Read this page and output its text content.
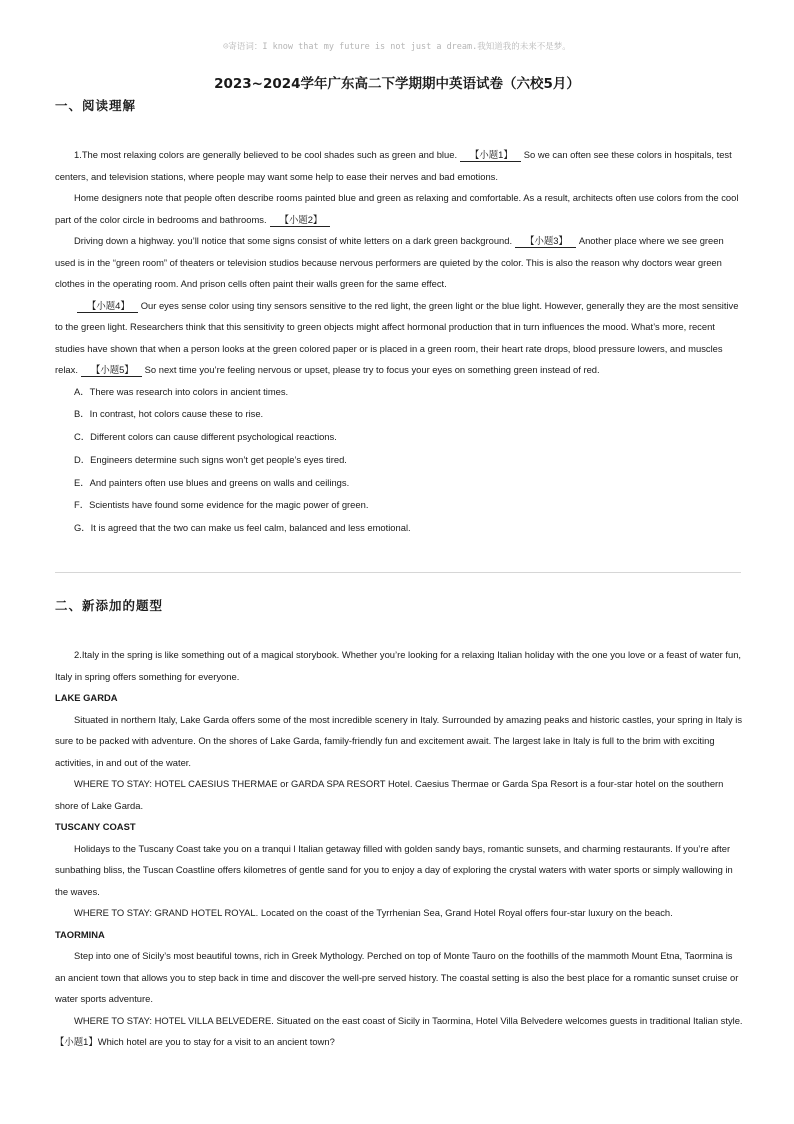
☺寄语词：I know that my future is not just a dream.我知道我的未来不是梦。
2023~2024学年广东高二下学期期中英语试卷（六校5月）
一、阅读理解

1.The most relaxing colors are generally believed to be cool shades such as green and blue. 【小题1】 So we can often see these colors in hospitals, test centers, and television stations, where people may want some help to ease their nerves and bad emotions.

Home designers note that people often describe rooms painted blue and green as relaxing and comfortable. As a result, architects often use colors from the cool part of the color circle in bedrooms and bathrooms. 【小题2】

Driving down a highway. you’ll notice that some signs consist of white letters on a dark green background. 【小题3】 Another place where we see green used is in the “green room” of theaters or television studios because nervous performers are quieted by the color. This is also the reason why doctors wear green clothes in the operating room. And prison cells often paint their walls green for the same effect.

【小题4】 Our eyes sense color using tiny sensors sensitive to the red light, the green light or the blue light. However, generally they are the most sensitive to the green light. Researchers think that this sensitivity to green objects might affect hormonal production that in turn influences the mood. What’s more, recent studies have shown that when a person looks at the green colored paper or is placed in a green room, their heart rate drops, blood pressure lowers, and muscles relax. 【小题5】 So next time you’re feeling nervous or upset, please try to focus your eyes on something green instead of red.

A．There was research into colors in ancient times.

B．In contrast, hot colors cause these to rise.

C．Different colors can cause different psychological reactions.

D．Engineers determine such signs won’t get people’s eyes tired.

E．And painters often use blues and greens on walls and ceilings.

F．Scientists have found some evidence for the magic power of green.

G．It is agreed that the two can make us feel calm, balanced and less emotional.

二、新添加的题型

2.Italy in the spring is like something out of a magical storybook. Whether you’re looking for a relaxing Italian holiday with the one you love or a feast of water fun, Italy in spring offers something for everyone.

LAKE GARDA

Situated in northern Italy, Lake Garda offers some of the most incredible scenery in Italy. Surrounded by amazing peaks and historic castles, your spring in Italy is sure to be packed with adventure. On the shores of Lake Garda, family-friendly fun and excitement await. The largest lake in Italy is full to the brim with exciting activities, in and out of the water.

WHERE TO STAY: HOTEL CAESIUS THERMAE or GARDA SPA RESORT Hotel. Caesius Thermae or Garda Spa Resort is a four-star hotel on the southern shore of Lake Garda.

TUSCANY COAST

Holidays to the Tuscany Coast take you on a tranqui l Italian getaway filled with golden sandy bays, romantic sunsets, and charming restaurants. If you’re after sunbathing bliss, the Tuscan Coastline offers kilometres of gentle sand for you to enjoy a day of exploring the crystal waters with water sports or simply wallowing in the waves.

WHERE TO STAY: GRAND HOTEL ROYAL. Located on the coast of the Tyrrhenian Sea, Grand Hotel Royal offers four-star luxury on the beach.

TAORMINA

Step into one of Sicily’s most beautiful towns, rich in Greek Mythology. Perched on top of Monte Tauro on the foothills of the mammoth Mount Etna, Taormina is an ancient town that allows you to step back in time and discover the well-pre served history. The coastal setting is also the best place for a romantic sunset cruise or water sports adventure.

WHERE TO STAY: HOTEL VILLA BELVEDERE. Situated on the east coast of Sicily in Taormina, Hotel Villa Belvedere welcomes guests in traditional Italian style.

【小题1】Which hotel are you to stay for a visit to an ancient town?
